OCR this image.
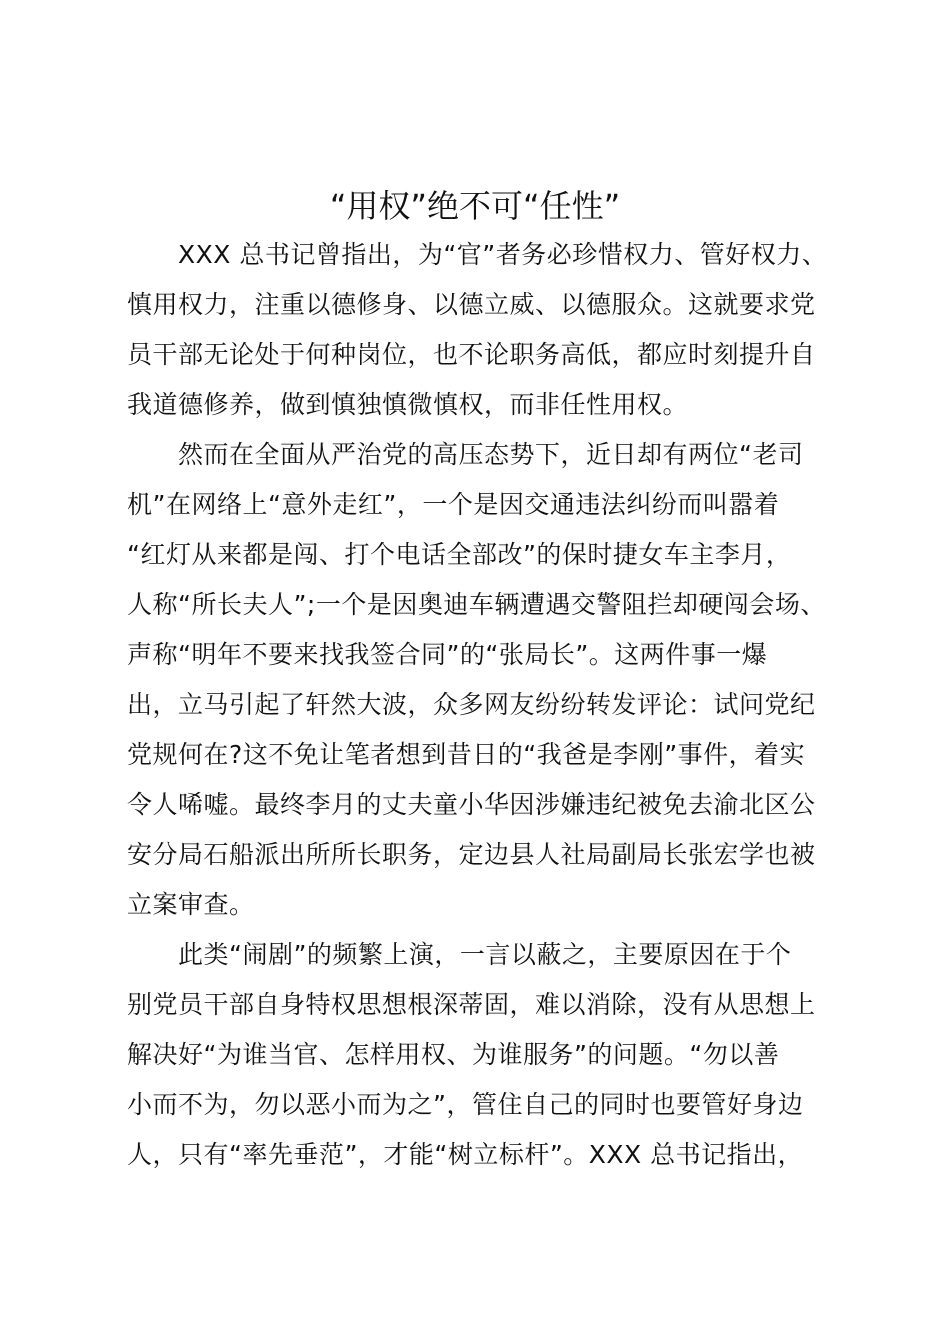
“用权”绝不可“任性”
XXX 总书记曾指出，为“官”者务必珍惜权力、管好权力、
慎用权力，注重以德修身、以德立威、以德服众。这就要求党
员干部无论处于何种岗位，也不论职务高低，都应时刻提升自
我道德修养，做到慎独慎微慎权，而非任性用权。
然而在全面从严治党的高压态势下，近日却有两位“老司
机”在网络上“意外走红”，一个是因交通违法纠纷而叫嚣着
“红灯从来都是闯、打个电话全部改”的保时捷女车主李月，
人称“所长夫人”;一个是因奥迪车辆遭遇交警阻拦却硬闯会场、
声称“明年不要来找我签合同”的“张局长”。这两件事一爆
出，立马引起了轩然大波，众多网友纷纷转发评论：试问党纪
党规何在?这不免让笔者想到昔日的“我爸是李刚”事件，着实
令人唏嘘。最终李月的丈夫童小华因涉嫌违纪被免去渝北区公
安分局石船派出所所长职务，定边县人社局副局长张宏学也被
立案审查。
此类“闹剧”的频繁上演，一言以蔽之，主要原因在于个
别党员干部自身特权思想根深蒂固，难以消除，没有从思想上
解决好“为谁当官、怎样用权、为谁服务”的问题。“勿以善
小而不为，勿以恶小而为之”，管住自己的同时也要管好身边
人，只有“率先垂范”，才能“树立标杆”。XXX 总书记指出，
